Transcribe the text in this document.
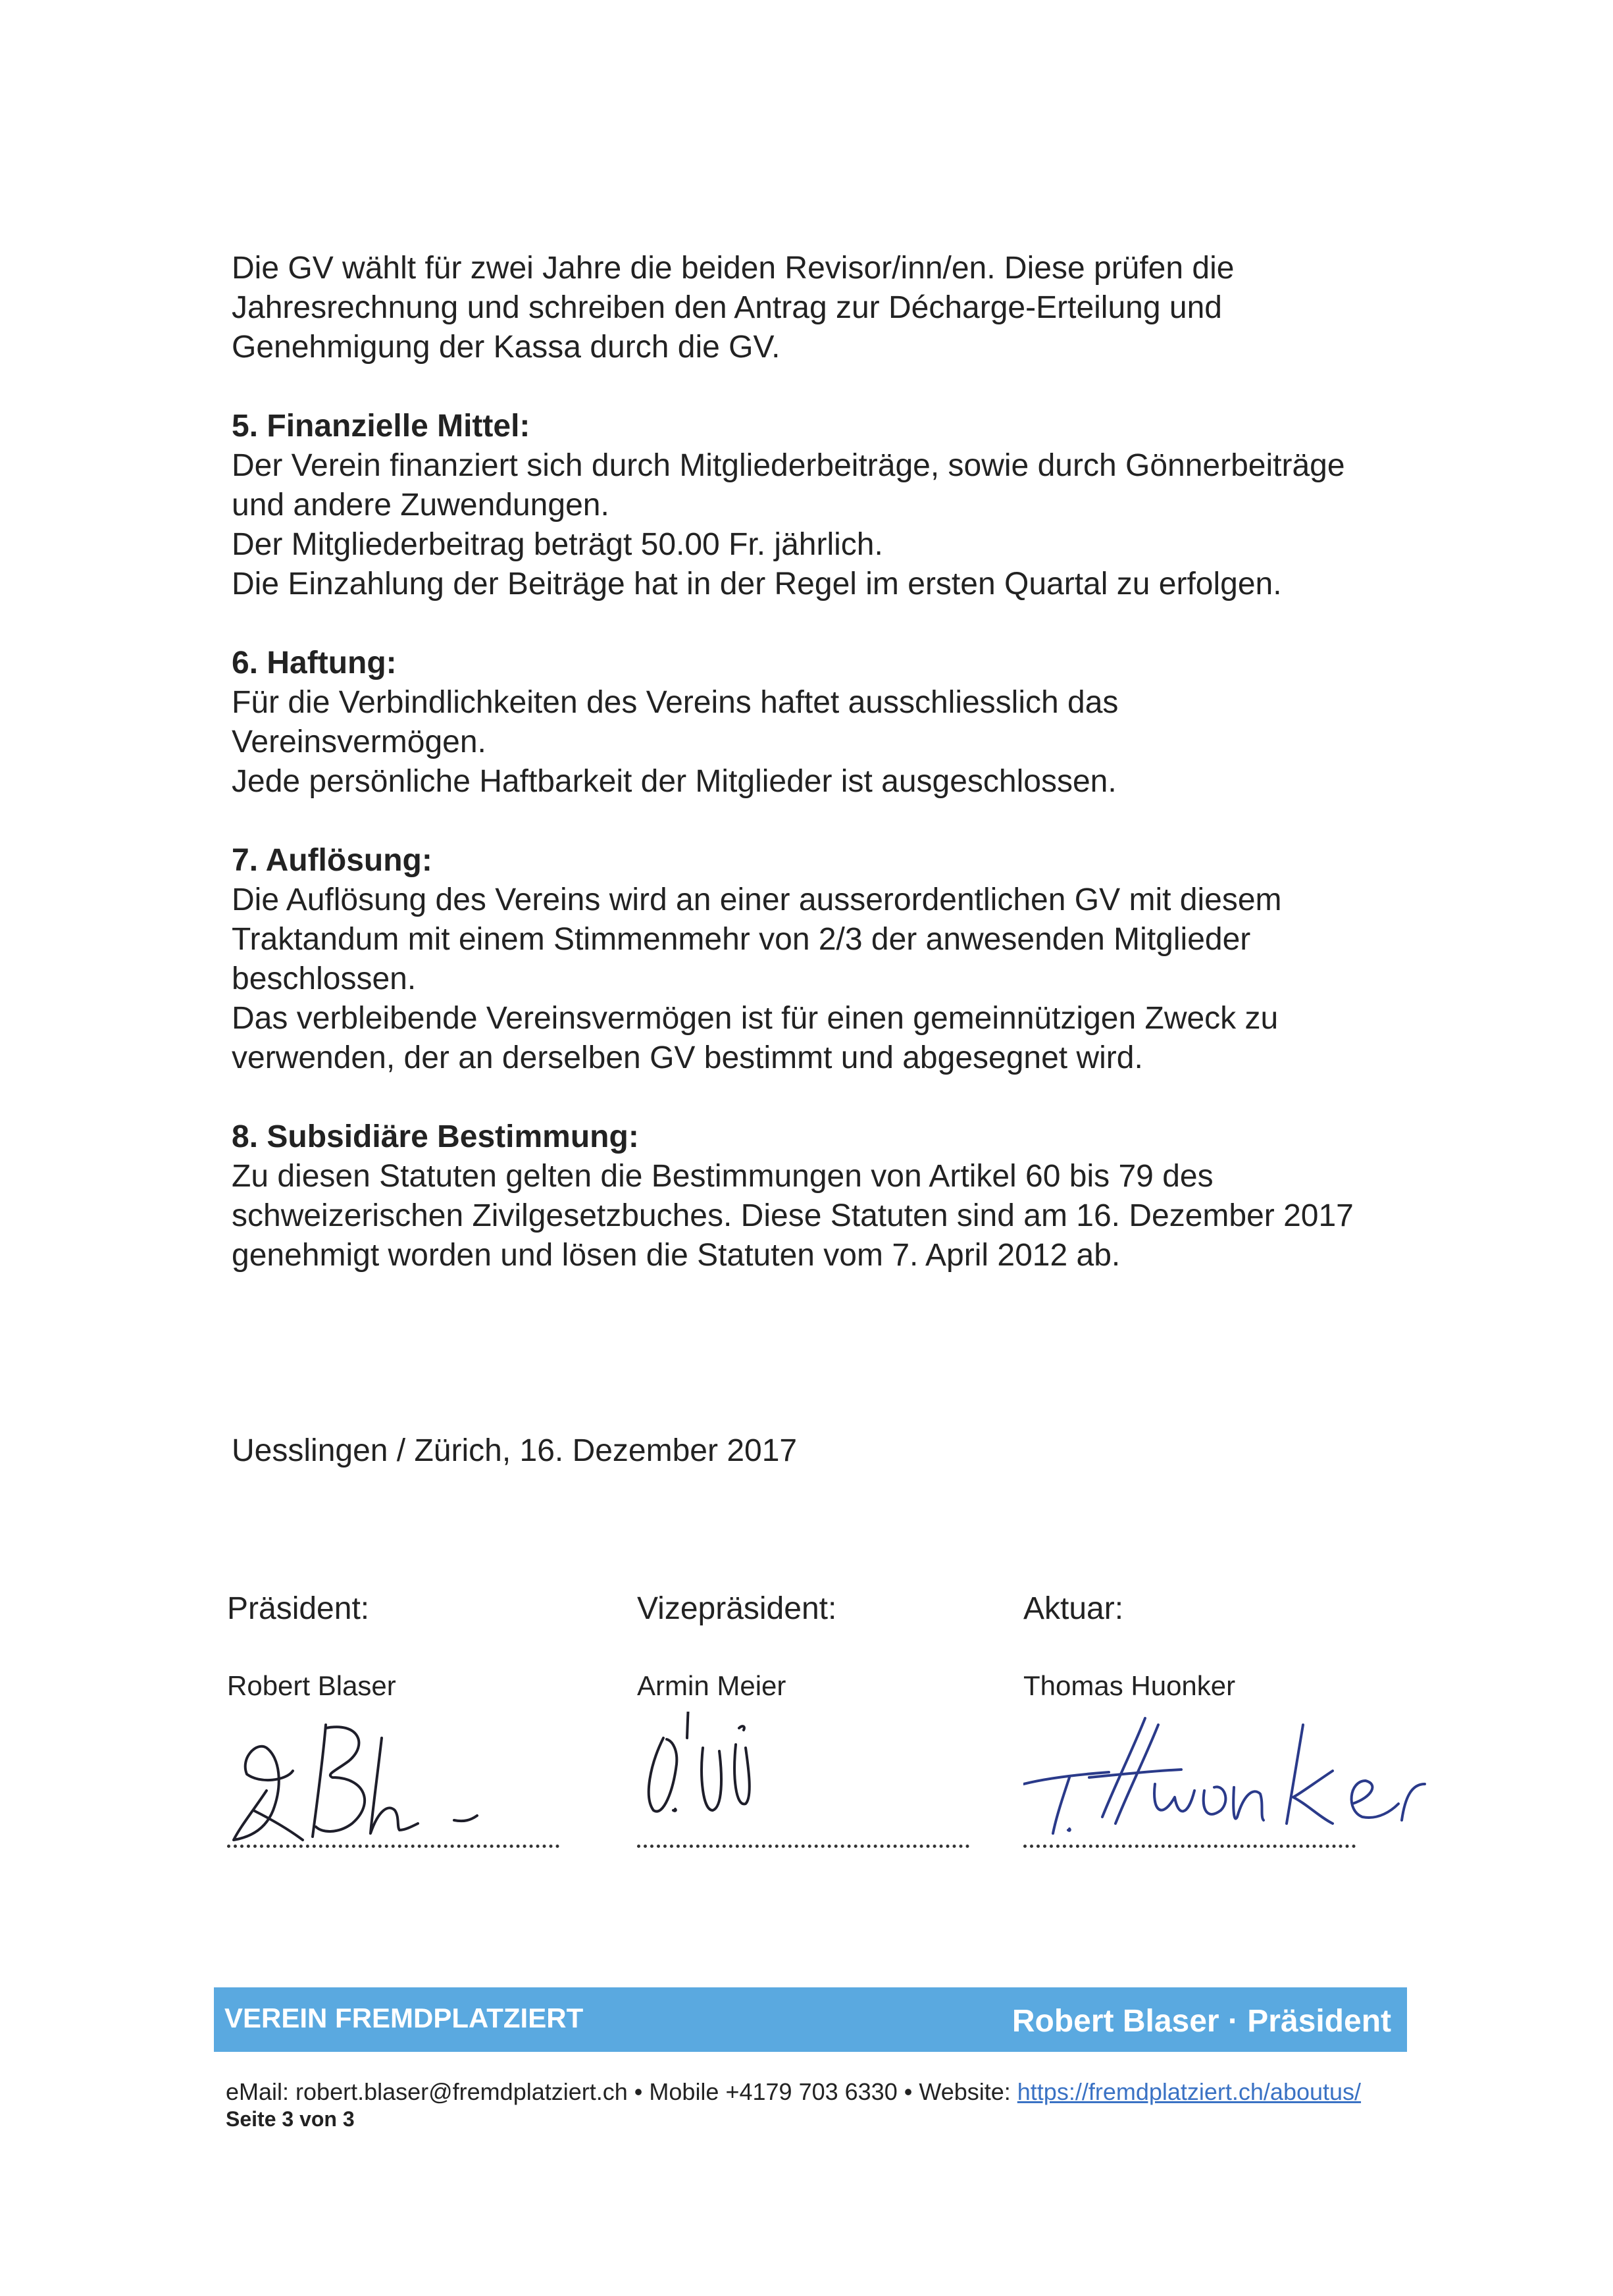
Die GV wählt für zwei Jahre die beiden Revisor/inn/en. Diese prüfen die
Jahresrechnung und schreiben den Antrag zur Décharge-Erteilung und
Genehmigung der Kassa durch die GV.

5. Finanzielle Mittel:

Der Verein finanziert sich durch Mitgliederbeiträge, sowie durch Gönnerbeiträge
und andere Zuwendungen.
Der Mitgliederbeitrag beträgt 50.00 Fr. jährlich.
Die Einzahlung der Beiträge hat in der Regel im ersten Quartal zu erfolgen.

6. Haftung:

Für die Verbindlichkeiten des Vereins haftet ausschliesslich das
Vereinsvermögen.
Jede persönliche Haftbarkeit der Mitglieder ist ausgeschlossen.

7. Auflösung:

Die Auflösung des Vereins wird an einer ausserordentlichen GV mit diesem
Traktandum mit einem Stimmenmehr von 2/3 der anwesenden Mitglieder
beschlossen.
Das verbleibende Vereinsvermögen ist für einen gemeinnützigen Zweck zu
verwenden, der an derselben GV bestimmt und abgesegnet wird.

8. Subsidiäre Bestimmung:

Zu diesen Statuten gelten die Bestimmungen von Artikel 60 bis 79 des
schweizerischen Zivilgesetzbuches. Diese Statuten sind am 16. Dezember 2017
genehmigt worden und lösen die Statuten vom 7. April 2012 ab.

Uesslingen / Zürich, 16. Dezember 2017
Präsident:
Robert Blaser
Vizepräsident:
Armin Meier
Aktuar:
Thomas Huonker
VEREIN FREMDPLATZIERT	Robert Blaser · Präsident
eMail: robert.blaser@fremdplatziert.ch • Mobile +4179 703 6330 • Website: https://fremdplatziert.ch/aboutus/
Seite 3 von 3
